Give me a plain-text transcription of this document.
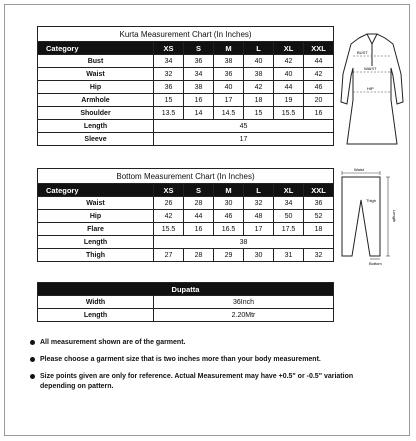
Kurta Measurement Chart (In Inches)						
Category	XS	S	M	L	XL	XXL
Bust	34	36	38	40	42	44
Waist	32	34	36	38	40	42
Hip	36	38	40	42	44	46
Armhole	15	16	17	18	19	20
Shoulder	13.5	14	14.5	15	15.5	16
Length	45					
Sleeve	17					
Bottom Measurement Chart (In Inches)						
Category	XS	S	M	L	XL	XXL
Waist	26	28	30	32	34	36
Hip	42	44	46	48	50	52
Flare	15.5	16	16.5	17	17.5	18
Length	38					
Thigh	27	28	29	30	31	32
Dupatta	
Width	36Inch
Length	2.20Mtr
BUST
WAIST
HIP
Waist
Thigh
Length
Bottom
All measurement shown are of the garment.
Please choose a garment size that is two inches more than your body measurement.
Size points given are only for reference. Actual Measurement may have +0.5" or -0.5" variation depending on pattern.
